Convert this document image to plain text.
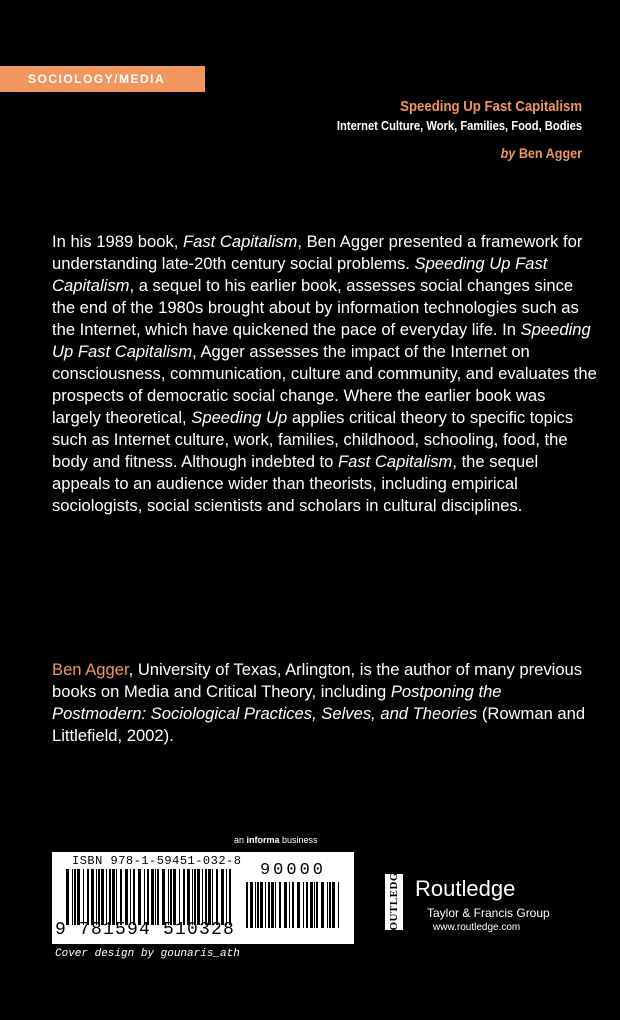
SOCIOLOGY/MEDIA
Speeding Up Fast Capitalism
Internet Culture, Work, Families, Food, Bodies
by Ben Agger

In his 1989 book, Fast Capitalism, Ben Agger presented a framework for understanding late-20th century social problems. Speeding Up Fast Capitalism, a sequel to his earlier book, assesses social changes since the end of the 1980s brought about by information technologies such as the Internet, which have quickened the pace of everyday life. In Speeding Up Fast Capitalism, Agger assesses the impact of the Internet on consciousness, communication, culture and community, and evaluates the prospects of democratic social change. Where the earlier book was largely theoretical, Speeding Up applies critical theory to specific topics such as Internet culture, work, families, childhood, schooling, food, the body and fitness. Although indebted to Fast Capitalism, the sequel appeals to an audience wider than theorists, including empirical sociologists, social scientists and scholars in cultural disciplines.

Ben Agger, University of Texas, Arlington, is the author of many previous books on Media and Critical Theory, including Postponing the Postmodern: Sociological Practices, Selves, and Theories (Rowman and Littlefield, 2002).

an informa business
ISBN 978-1-59451-032-8	90000
9 781594 510328
Cover design by gounaris_ath
ROUTLEDGE Routledge
Taylor & Francis Group
www.routledge.com
